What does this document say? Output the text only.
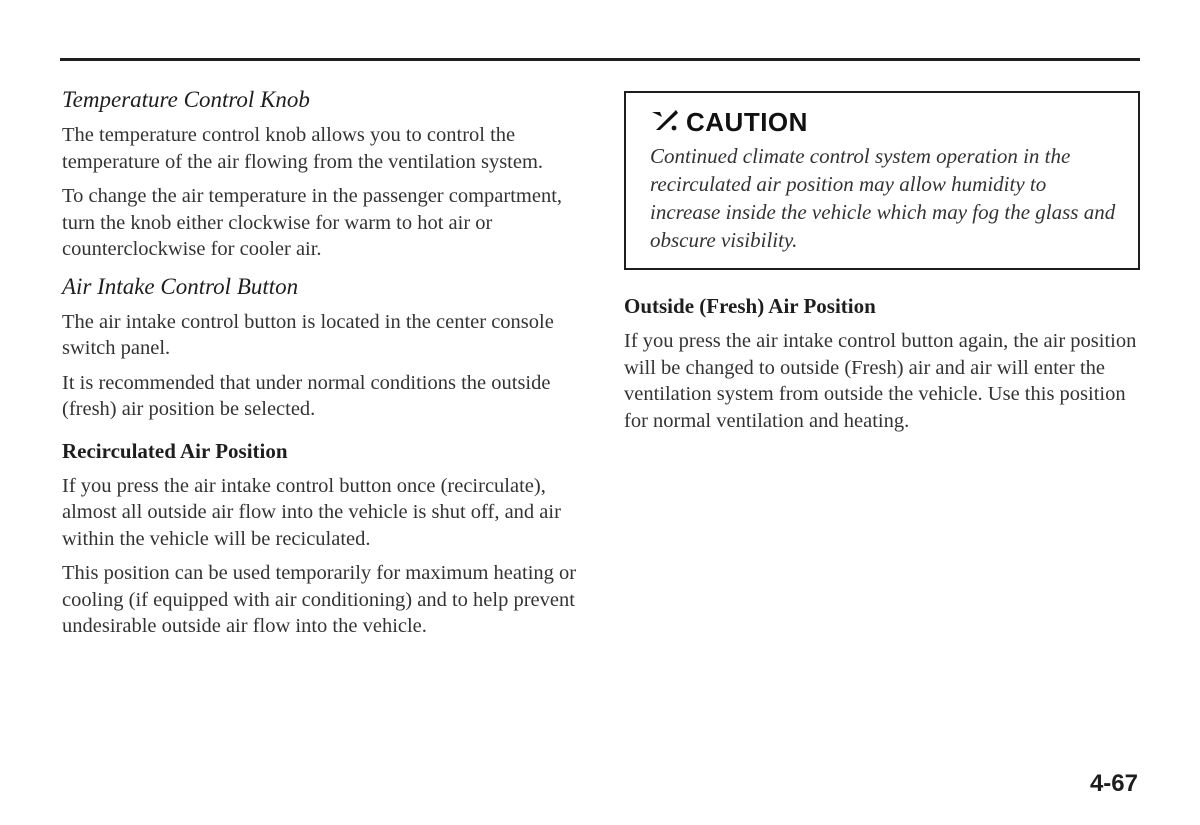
Temperature Control Knob

The temperature control knob allows you to control the temperature of the air flowing from the ventilation system.

To change the air temperature in the passenger compartment, turn the knob either clockwise for warm to hot air or counterclockwise for cooler air.

Air Intake Control Button

The air intake control button is located in the center console switch panel.

It is recommended that under normal conditions the outside (fresh) air position be selected.

Recirculated Air Position

If you press the air intake control button once (recirculate), almost all outside air flow into the vehicle is shut off, and air within the vehicle will be reciculated.

This position can be used temporarily for maximum heating or cooling (if equipped with air conditioning) and to help prevent undesirable outside air flow into the vehicle.

CAUTION

Continued climate control system operation in the recirculated air position may allow humidity to increase inside the vehicle which may fog the glass and obscure visibility.

Outside (Fresh) Air Position

If you press the air intake control button again, the air position will be changed to outside (Fresh) air and air will enter the ventilation system from outside the vehicle. Use this position for normal ventilation and heating.

4-67
